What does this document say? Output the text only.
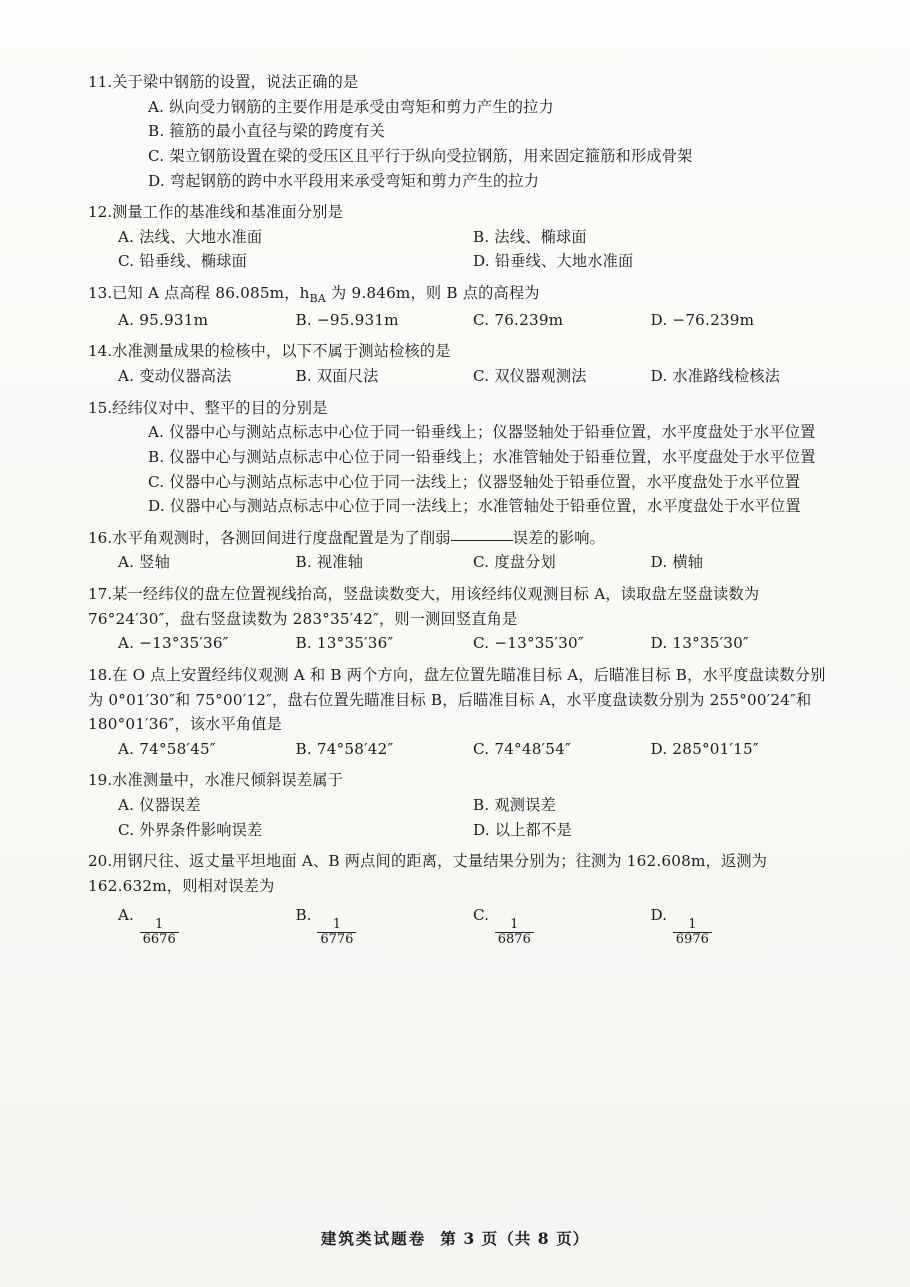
11.关于梁中钢筋的设置，说法正确的是
A. 纵向受力钢筋的主要作用是承受由弯矩和剪力产生的拉力
B. 箍筋的最小直径与梁的跨度有关
C. 架立钢筋设置在梁的受压区且平行于纵向受拉钢筋，用来固定箍筋和形成骨架
D. 弯起钢筋的跨中水平段用来承受弯矩和剪力产生的拉力
12.测量工作的基准线和基准面分别是
A. 法线、大地水准面	B. 法线、椭球面
C. 铅垂线、椭球面	D. 铅垂线、大地水准面
13.已知 A 点高程 86.085m，$h_{BA}$ 为 9.846m，则 B 点的高程为
A. 95.931m	B. −95.931m	C. 76.239m	D. −76.239m
14.水准测量成果的检核中，以下不属于测站检核的是
A. 变动仪器高法	B. 双面尺法	C. 双仪器观测法	D. 水准路线检核法
15.经纬仪对中、整平的目的分别是
A. 仪器中心与测站点标志中心位于同一铅垂线上；仪器竖轴处于铅垂位置，水平度盘处于水平位置
B. 仪器中心与测站点标志中心位于同一铅垂线上；水准管轴处于铅垂位置，水平度盘处于水平位置
C. 仪器中心与测站点标志中心位于同一法线上；仪器竖轴处于铅垂位置，水平度盘处于水平位置
D. 仪器中心与测站点标志中心位于同一法线上；水准管轴处于铅垂位置，水平度盘处于水平位置
16.水平角观测时，各测回间进行度盘配置是为了削弱	误差的影响。
A. 竖轴	B. 视准轴	C. 度盘分划	D. 横轴
17.某一经纬仪的盘左位置视线抬高，竖盘读数变大，用该经纬仪观测目标 A，读取盘左竖盘读数为 76°24′30″，盘右竖盘读数为 283°35′42″，则一测回竖直角是
A. −13°35′36″	B. 13°35′36″	C. −13°35′30″	D. 13°35′30″
18.在 O 点上安置经纬仪观测 A 和 B 两个方向，盘左位置先瞄准目标 A，后瞄准目标 B，水平度盘读数分别为 0°01′30″和 75°00′12″，盘右位置先瞄准目标 B，后瞄准目标 A，水平度盘读数分别为 255°00′24″和 180°01′36″，该水平角值是
A. 74°58′45″	B. 74°58′42″	C. 74°48′54″	D. 285°01′15″
19.水准测量中，水准尺倾斜误差属于
A. 仪器误差	B. 观测误差
C. 外界条件影响误差	D. 以上都不是
20.用钢尺往、返丈量平坦地面 A、B 两点间的距离，丈量结果分别为；往测为 162.608m，返测为 162.632m，则相对误差为
A.
$\frac{1}{6676}$
B.
$\frac{1}{6776}$
C.
$\frac{1}{6876}$
D.
$\frac{1}{6976}$
建筑类试题卷 第 3 页（共 8 页）
